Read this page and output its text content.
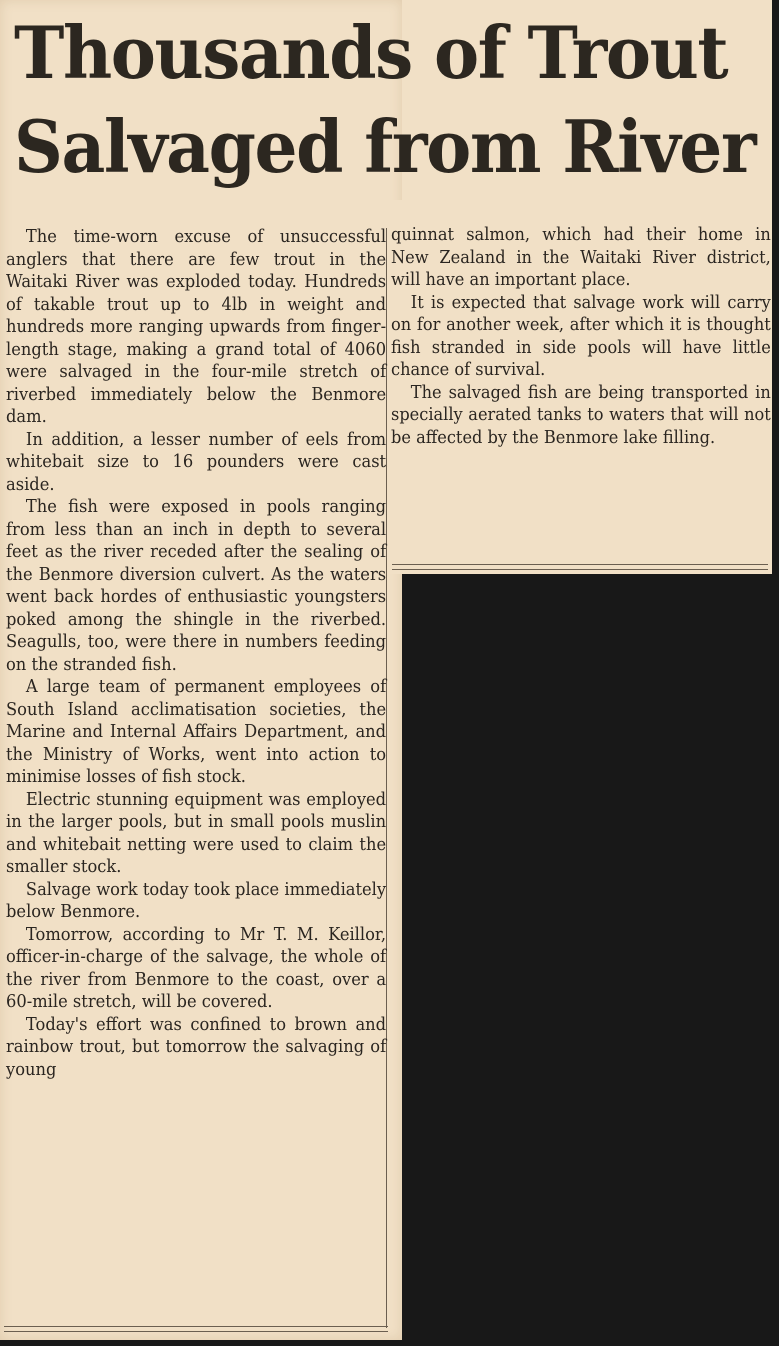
Thousands of Trout
Salvaged from River

The time-worn excuse of unsuccessful anglers that there are few trout in the Waitaki River was exploded today. Hundreds of takable trout up to 4lb in weight and hundreds more ranging upwards from finger-length stage, making a grand total of 4060 were salvaged in the four-mile stretch of riverbed immediately below the Benmore dam.

In addition, a lesser number of eels from whitebait size to 16 pounders were cast aside.

The fish were exposed in pools ranging from less than an inch in depth to several feet as the river receded after the sealing of the Benmore diversion culvert. As the waters went back hordes of enthusiastic youngsters poked among the shingle in the riverbed. Seagulls, too, were there in numbers feeding on the stranded fish.

A large team of permanent employees of South Island acclimatisation societies, the Marine and Internal Affairs Department, and the Ministry of Works, went into action to minimise losses of fish stock.

Electric stunning equipment was employed in the larger pools, but in small pools muslin and whitebait netting were used to claim the smaller stock.

Salvage work today took place immediately below Benmore.

Tomorrow, according to Mr T. M. Keillor, officer-in-charge of the salvage, the whole of the river from Benmore to the coast, over a 60-mile stretch, will be covered.

Today's effort was confined to brown and rainbow trout, but tomorrow the salvaging of young

quinnat salmon, which had their home in New Zealand in the Waitaki River district, will have an important place.

It is expected that salvage work will carry on for another week, after which it is thought fish stranded in side pools will have little chance of survival.

The salvaged fish are being transported in specially aerated tanks to waters that will not be affected by the Benmore lake filling.
